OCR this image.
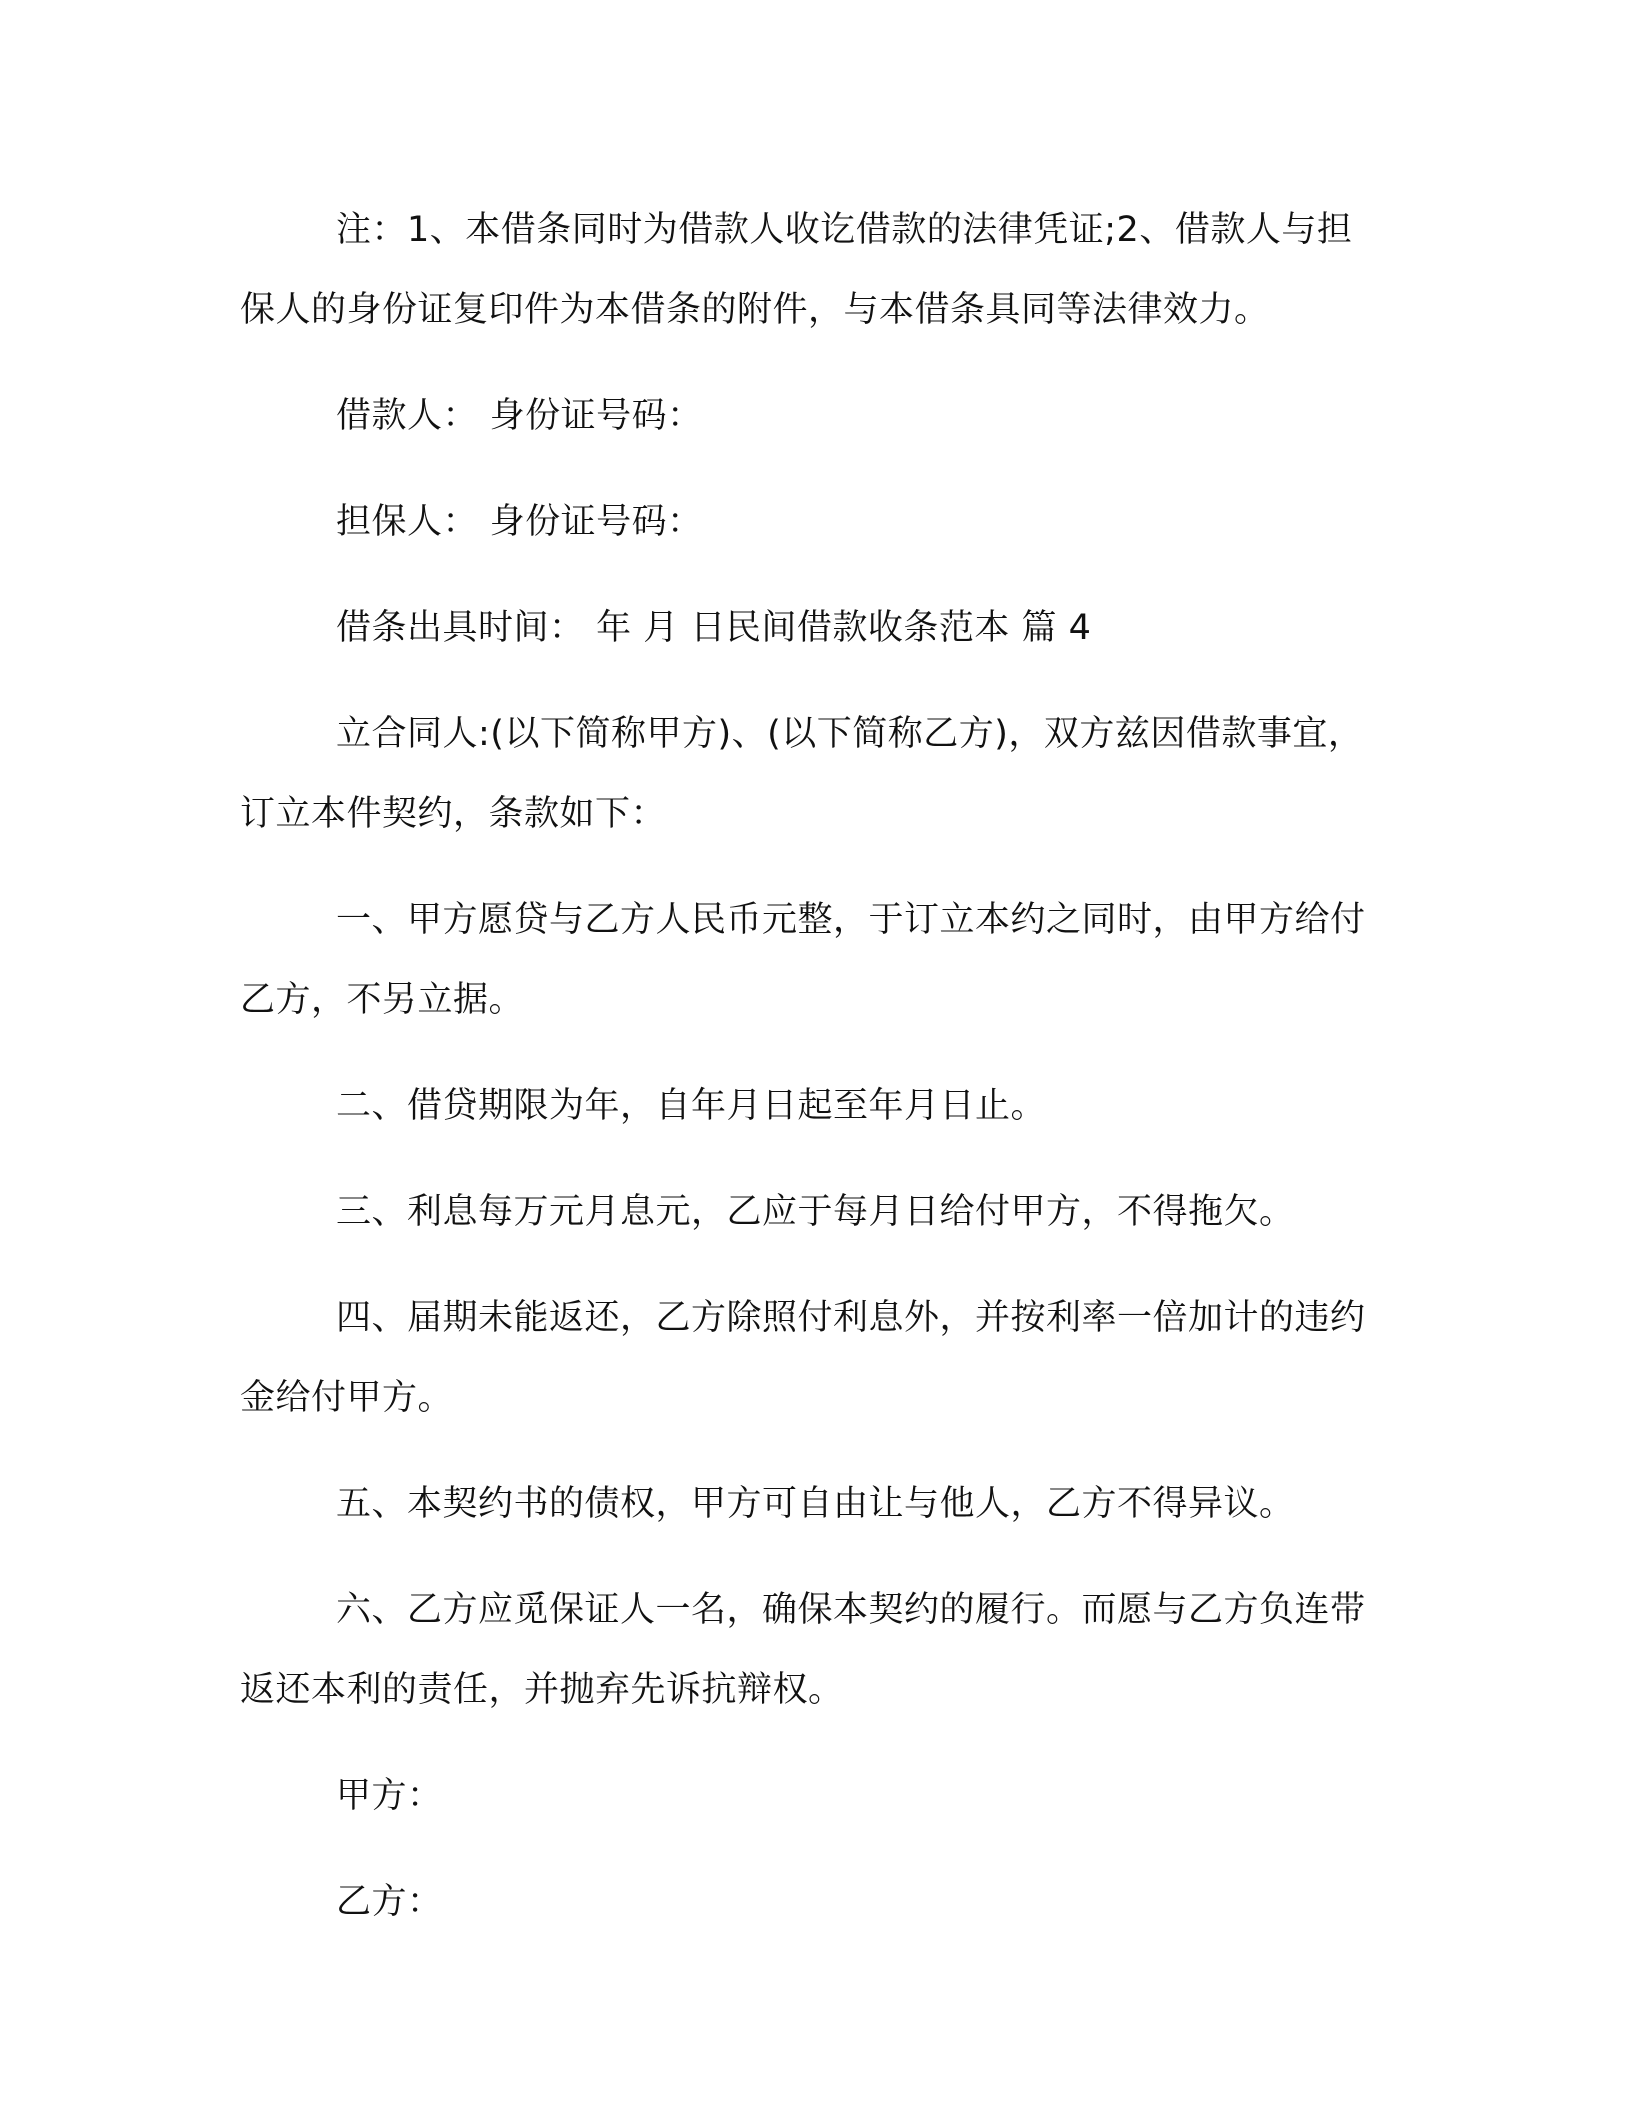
注：1、本借条同时为借款人收讫借款的法律凭证;2、借款人与担保人的身份证复印件为本借条的附件，与本借条具同等法律效力。

借款人： 身份证号码：

担保人： 身份证号码：

借条出具时间： 年 月 日民间借款收条范本 篇 4

立合同人:(以下简称甲方)、(以下简称乙方)，双方兹因借款事宜，订立本件契约，条款如下：

一、甲方愿贷与乙方人民币元整，于订立本约之同时，由甲方给付乙方，不另立据。

二、借贷期限为年，自年月日起至年月日止。

三、利息每万元月息元，乙应于每月日给付甲方，不得拖欠。

四、届期未能返还，乙方除照付利息外，并按利率一倍加计的违约金给付甲方。

五、本契约书的债权，甲方可自由让与他人，乙方不得异议。

六、乙方应觅保证人一名，确保本契约的履行。而愿与乙方负连带返还本利的责任，并抛弃先诉抗辩权。

甲方：

乙方：
